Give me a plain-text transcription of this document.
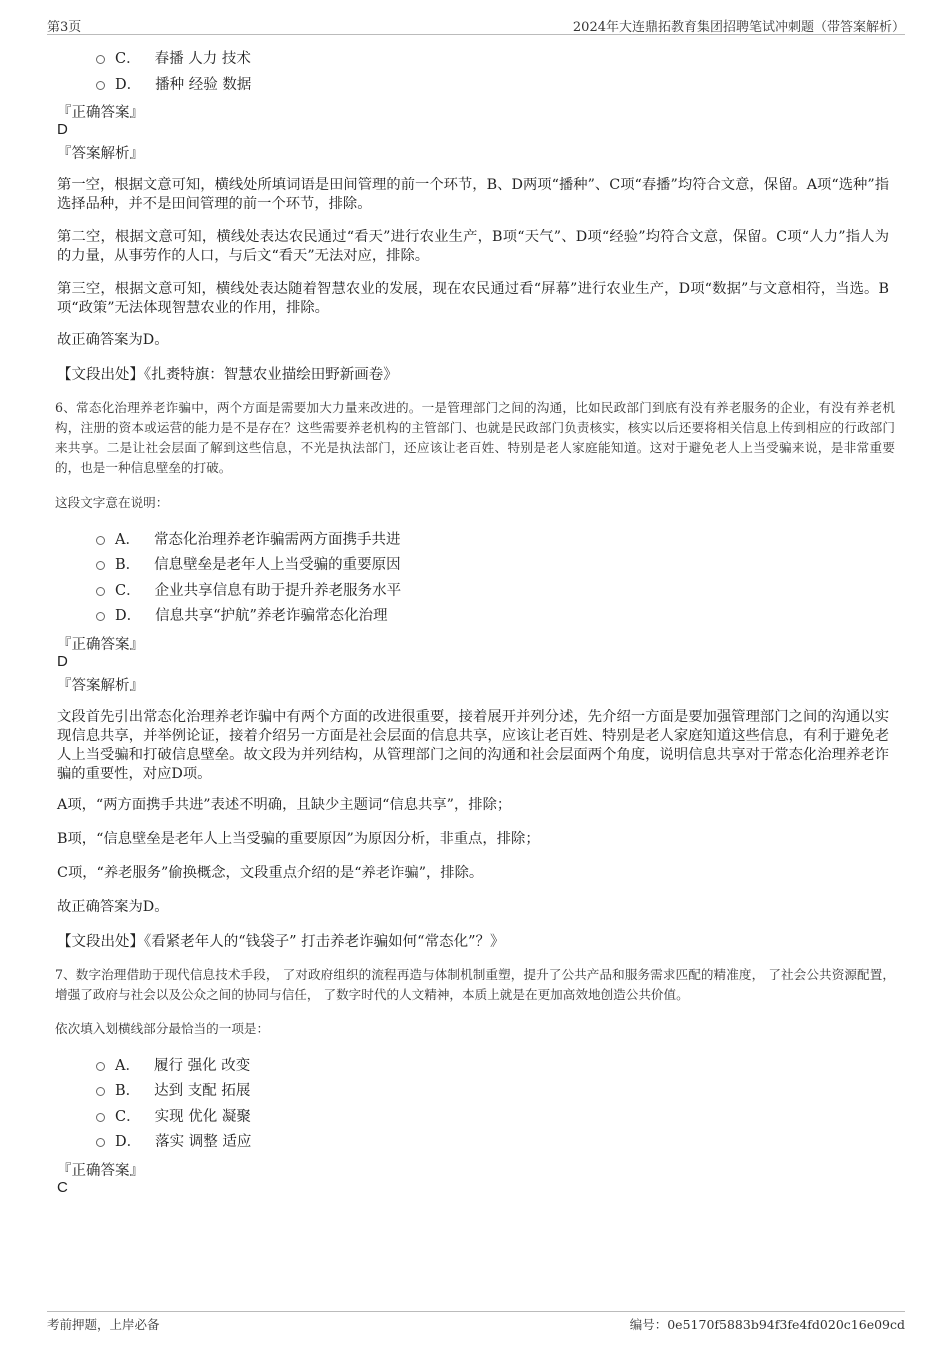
第3页	2024年大连鼎拓教育集团招聘笔试冲刺题（带答案解析）
C． 春播 人力 技术
D． 播种 经验 数据
『正确答案』
D
『答案解析』
第一空，根据文意可知，横线处所填词语是田间管理的前一个环节，B、D两项“播种”、C项“春播”均符合文意，保留。A项“选种”指选择品种，并不是田间管理的前一个环节，排除。
第二空，根据文意可知，横线处表达农民通过“看天”进行农业生产，B项“天气”、D项“经验”均符合文意，保留。C项“人力”指人为的力量，从事劳作的人口，与后文“看天”无法对应，排除。
第三空，根据文意可知，横线处表达随着智慧农业的发展，现在农民通过看“屏幕”进行农业生产，D项“数据”与文意相符，当选。B项“政策”无法体现智慧农业的作用，排除。
故正确答案为D。
【文段出处】《扎赉特旗：智慧农业描绘田野新画卷》
6、常态化治理养老诈骗中，两个方面是需要加大力量来改进的。一是管理部门之间的沟通，比如民政部门到底有没有养老服务的企业，有没有养老机构，注册的资本或运营的能力是不是存在？这些需要养老机构的主管部门、也就是民政部门负责核实，核实以后还要将相关信息上传到相应的行政部门来共享。二是让社会层面了解到这些信息，不光是执法部门，还应该让老百姓、特别是老人家庭能知道。这对于避免老人上当受骗来说，是非常重要的，也是一种信息壁垒的打破。
这段文字意在说明：
A． 常态化治理养老诈骗需两方面携手共进
B． 信息壁垒是老年人上当受骗的重要原因
C． 企业共享信息有助于提升养老服务水平
D． 信息共享“护航”养老诈骗常态化治理
『正确答案』
D
『答案解析』
文段首先引出常态化治理养老诈骗中有两个方面的改进很重要，接着展开并列分述，先介绍一方面是要加强管理部门之间的沟通以实现信息共享，并举例论证，接着介绍另一方面是社会层面的信息共享，应该让老百姓、特别是老人家庭知道这些信息，有利于避免老人上当受骗和打破信息壁垒。故文段为并列结构，从管理部门之间的沟通和社会层面两个角度，说明信息共享对于常态化治理养老诈骗的重要性，对应D项。
A项，“两方面携手共进”表述不明确，且缺少主题词“信息共享”，排除；
B项，“信息壁垒是老年人上当受骗的重要原因”为原因分析，非重点，排除；
C项，“养老服务”偷换概念，文段重点介绍的是“养老诈骗”，排除。
故正确答案为D。
【文段出处】《看紧老年人的“钱袋子” 打击养老诈骗如何“常态化”？》
7、数字治理借助于现代信息技术手段， 了对政府组织的流程再造与体制机制重塑，提升了公共产品和服务需求匹配的精准度， 了社会公共资源配置，增强了政府与社会以及公众之间的协同与信任， 了数字时代的人文精神，本质上就是在更加高效地创造公共价值。
依次填入划横线部分最恰当的一项是：
A． 履行 强化 改变
B． 达到 支配 拓展
C． 实现 优化 凝聚
D． 落实 调整 适应
『正确答案』
C
考前押题，上岸必备	编号：0e5170f5883b94f3fe4fd020c16e09cd
